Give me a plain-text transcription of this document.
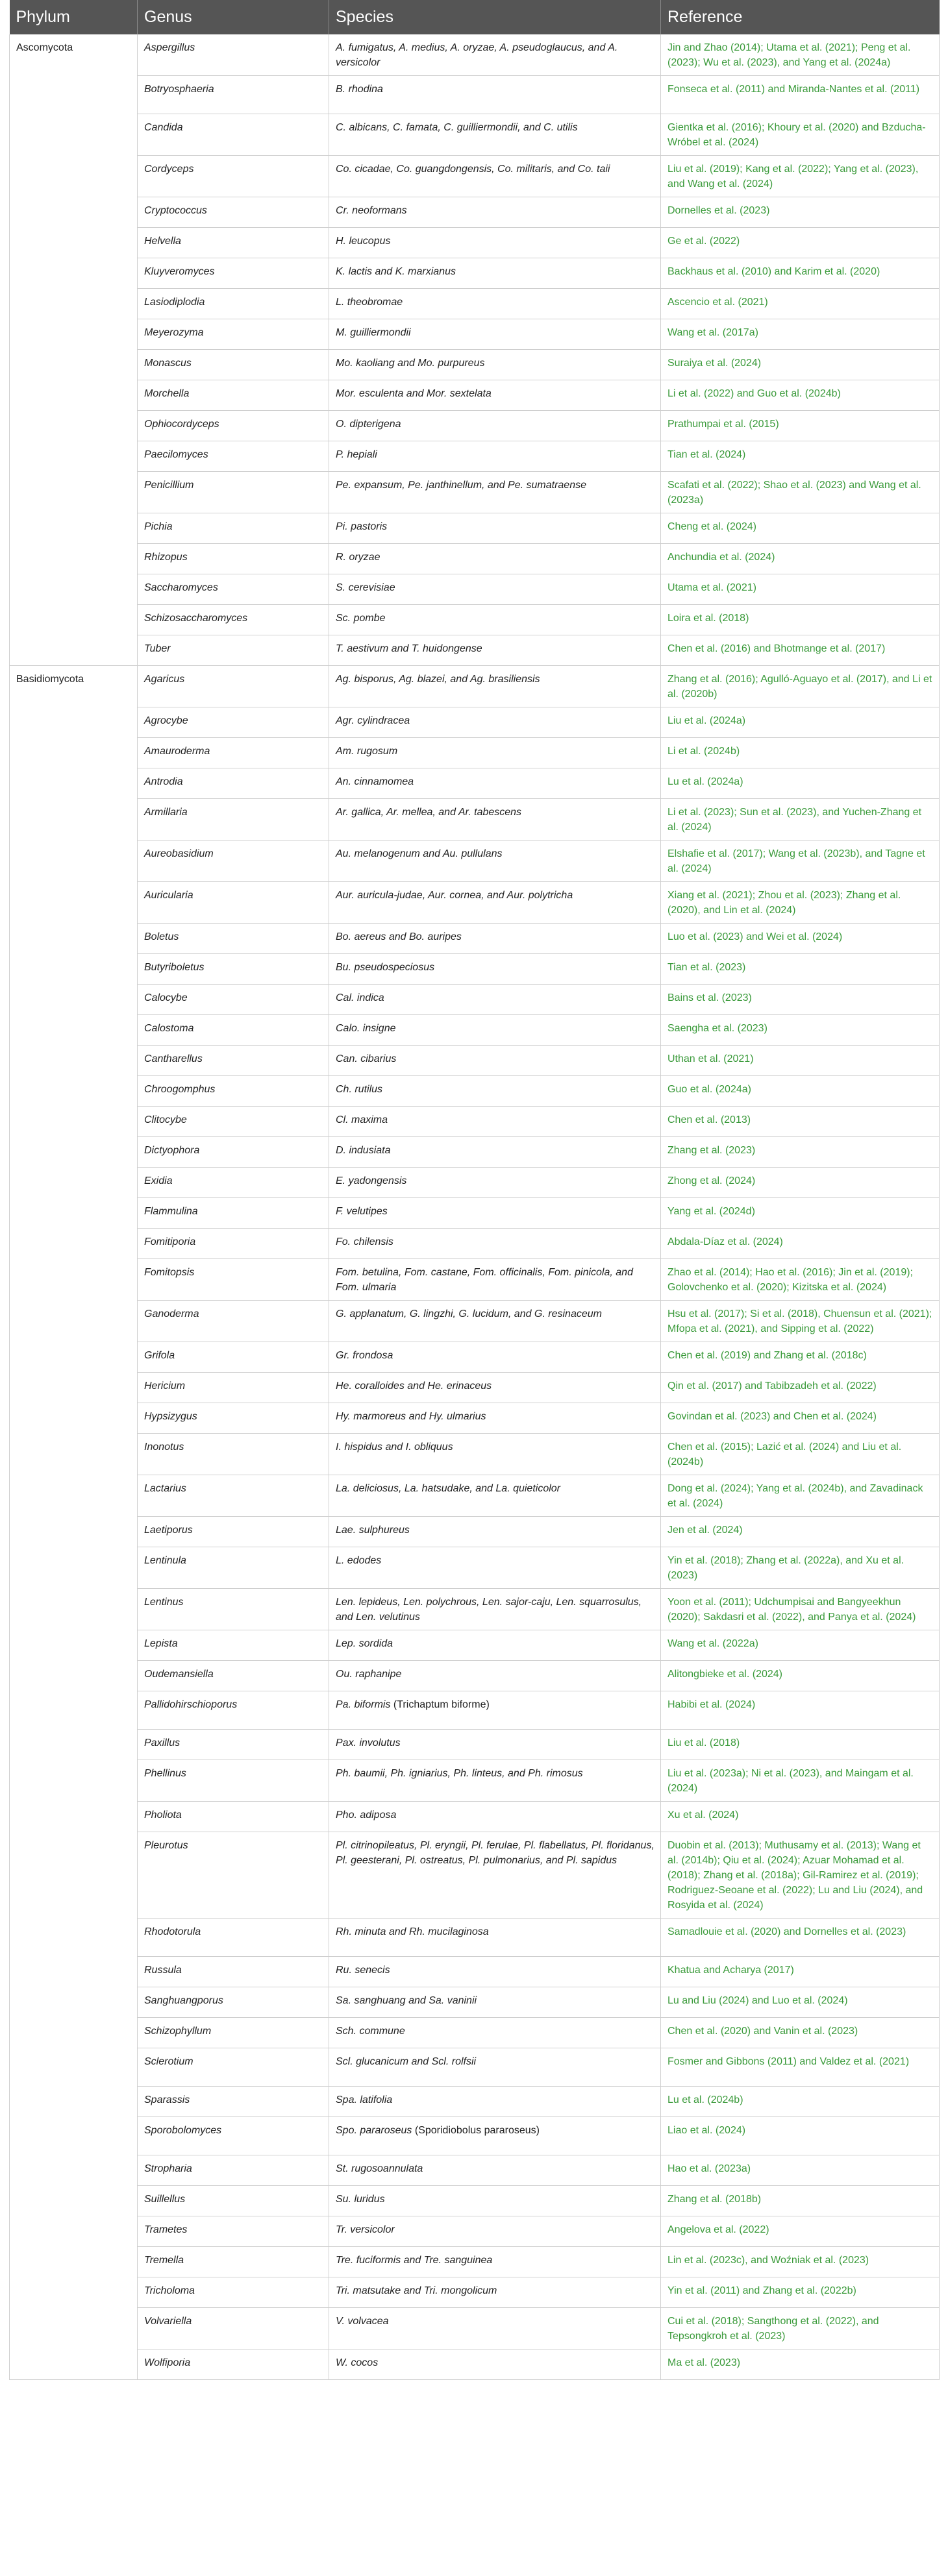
Phylum	Genus	Species	Reference
Ascomycota	Aspergillus	A. fumigatus, A. medius, A. oryzae, A. pseudoglaucus, and A. versicolor	Jin and Zhao (2014); Utama et al. (2021); Peng et al. (2023); Wu et al. (2023), and Yang et al. (2024a)
	Botryosphaeria	B. rhodina	Fonseca et al. (2011) and Miranda-Nantes et al. (2011)
	Candida	C. albicans, C. famata, C. guilliermondii, and C. utilis	Gientka et al. (2016); Khoury et al. (2020) and Bzducha-Wróbel et al. (2024)
	Cordyceps	Co. cicadae, Co. guangdongensis, Co. militaris, and Co. taii	Liu et al. (2019); Kang et al. (2022); Yang et al. (2023), and Wang et al. (2024)
	Cryptococcus	Cr. neoformans	Dornelles et al. (2023)
	Helvella	H. leucopus	Ge et al. (2022)
	Kluyveromyces	K. lactis and K. marxianus	Backhaus et al. (2010) and Karim et al. (2020)
	Lasiodiplodia	L. theobromae	Ascencio et al. (2021)
	Meyerozyma	M. guilliermondii	Wang et al. (2017a)
	Monascus	Mo. kaoliang and Mo. purpureus	Suraiya et al. (2024)
	Morchella	Mor. esculenta and Mor. sextelata	Li et al. (2022) and Guo et al. (2024b)
	Ophiocordyceps	O. dipterigena	Prathumpai et al. (2015)
	Paecilomyces	P. hepiali	Tian et al. (2024)
	Penicillium	Pe. expansum, Pe. janthinellum, and Pe. sumatraense	Scafati et al. (2022); Shao et al. (2023) and Wang et al. (2023a)
	Pichia	Pi. pastoris	Cheng et al. (2024)
	Rhizopus	R. oryzae	Anchundia et al. (2024)
	Saccharomyces	S. cerevisiae	Utama et al. (2021)
	Schizosaccharomyces	Sc. pombe	Loira et al. (2018)
	Tuber	T. aestivum and T. huidongense	Chen et al. (2016) and Bhotmange et al. (2017)
Basidiomycota	Agaricus	Ag. bisporus, Ag. blazei, and Ag. brasiliensis	Zhang et al. (2016); Agulló-Aguayo et al. (2017), and Li et al. (2020b)
	Agrocybe	Agr. cylindracea	Liu et al. (2024a)
	Amauroderma	Am. rugosum	Li et al. (2024b)
	Antrodia	An. cinnamomea	Lu et al. (2024a)
	Armillaria	Ar. gallica, Ar. mellea, and Ar. tabescens	Li et al. (2023); Sun et al. (2023), and Yuchen-Zhang et al. (2024)
	Aureobasidium	Au. melanogenum and Au. pullulans	Elshafie et al. (2017); Wang et al. (2023b), and Tagne et al. (2024)
	Auricularia	Aur. auricula-judae, Aur. cornea, and Aur. polytricha	Xiang et al. (2021); Zhou et al. (2023); Zhang et al. (2020), and Lin et al. (2024)
	Boletus	Bo. aereus and Bo. auripes	Luo et al. (2023) and Wei et al. (2024)
	Butyriboletus	Bu. pseudospeciosus	Tian et al. (2023)
	Calocybe	Cal. indica	Bains et al. (2023)
	Calostoma	Calo. insigne	Saengha et al. (2023)
	Cantharellus	Can. cibarius	Uthan et al. (2021)
	Chroogomphus	Ch. rutilus	Guo et al. (2024a)
	Clitocybe	Cl. maxima	Chen et al. (2013)
	Dictyophora	D. indusiata	Zhang et al. (2023)
	Exidia	E. yadongensis	Zhong et al. (2024)
	Flammulina	F. velutipes	Yang et al. (2024d)
	Fomitiporia	Fo. chilensis	Abdala-Díaz et al. (2024)
	Fomitopsis	Fom. betulina, Fom. castane, Fom. officinalis, Fom. pinicola, and Fom. ulmaria	Zhao et al. (2014); Hao et al. (2016); Jin et al. (2019); Golovchenko et al. (2020); Kizitska et al. (2024)
	Ganoderma	G. applanatum, G. lingzhi, G. lucidum, and G. resinaceum	Hsu et al. (2017); Si et al. (2018), Chuensun et al. (2021); Mfopa et al. (2021), and Sipping et al. (2022)
	Grifola	Gr. frondosa	Chen et al. (2019) and Zhang et al. (2018c)
	Hericium	He. coralloides and He. erinaceus	Qin et al. (2017) and Tabibzadeh et al. (2022)
	Hypsizygus	Hy. marmoreus and Hy. ulmarius	Govindan et al. (2023) and Chen et al. (2024)
	Inonotus	I. hispidus and I. obliquus	Chen et al. (2015); Lazić et al. (2024) and Liu et al. (2024b)
	Lactarius	La. deliciosus, La. hatsudake, and La. quieticolor	Dong et al. (2024); Yang et al. (2024b), and Zavadinack et al. (2024)
	Laetiporus	Lae. sulphureus	Jen et al. (2024)
	Lentinula	L. edodes	Yin et al. (2018); Zhang et al. (2022a), and Xu et al. (2023)
	Lentinus	Len. lepideus, Len. polychrous, Len. sajor-caju, Len. squarrosulus, and Len. velutinus	Yoon et al. (2011); Udchumpisai and Bangyeekhun (2020); Sakdasri et al. (2022), and Panya et al. (2024)
	Lepista	Lep. sordida	Wang et al. (2022a)
	Oudemansiella	Ou. raphanipe	Alitongbieke et al. (2024)
	Pallidohirschioporus	Pa. biformis (Trichaptum biforme)	Habibi et al. (2024)
	Paxillus	Pax. involutus	Liu et al. (2018)
	Phellinus	Ph. baumii, Ph. igniarius, Ph. linteus, and Ph. rimosus	Liu et al. (2023a); Ni et al. (2023), and Maingam et al. (2024)
	Pholiota	Pho. adiposa	Xu et al. (2024)
	Pleurotus	Pl. citrinopileatus, Pl. eryngii, Pl. ferulae, Pl. flabellatus, Pl. floridanus, Pl. geesterani, Pl. ostreatus, Pl. pulmonarius, and Pl. sapidus	Duobin et al. (2013); Muthusamy et al. (2013); Wang et al. (2014b); Qiu et al. (2024); Azuar Mohamad et al. (2018); Zhang et al. (2018a); Gil-Ramirez et al. (2019); Rodriguez-Seoane et al. (2022); Lu and Liu (2024), and Rosyida et al. (2024)
	Rhodotorula	Rh. minuta and Rh. mucilaginosa	Samadlouie et al. (2020) and Dornelles et al. (2023)
	Russula	Ru. senecis	Khatua and Acharya (2017)
	Sanghuangporus	Sa. sanghuang and Sa. vaninii	Lu and Liu (2024) and Luo et al. (2024)
	Schizophyllum	Sch. commune	Chen et al. (2020) and Vanin et al. (2023)
	Sclerotium	Scl. glucanicum and Scl. rolfsii	Fosmer and Gibbons (2011) and Valdez et al. (2021)
	Sparassis	Spa. latifolia	Lu et al. (2024b)
	Sporobolomyces	Spo. pararoseus (Sporidiobolus pararoseus)	Liao et al. (2024)
	Stropharia	St. rugosoannulata	Hao et al. (2023a)
	Suillellus	Su. luridus	Zhang et al. (2018b)
	Trametes	Tr. versicolor	Angelova et al. (2022)
	Tremella	Tre. fuciformis and Tre. sanguinea	Lin et al. (2023c), and Woźniak et al. (2023)
	Tricholoma	Tri. matsutake and Tri. mongolicum	Yin et al. (2011) and Zhang et al. (2022b)
	Volvariella	V. volvacea	Cui et al. (2018); Sangthong et al. (2022), and Tepsongkroh et al. (2023)
	Wolfiporia	W. cocos	Ma et al. (2023)
